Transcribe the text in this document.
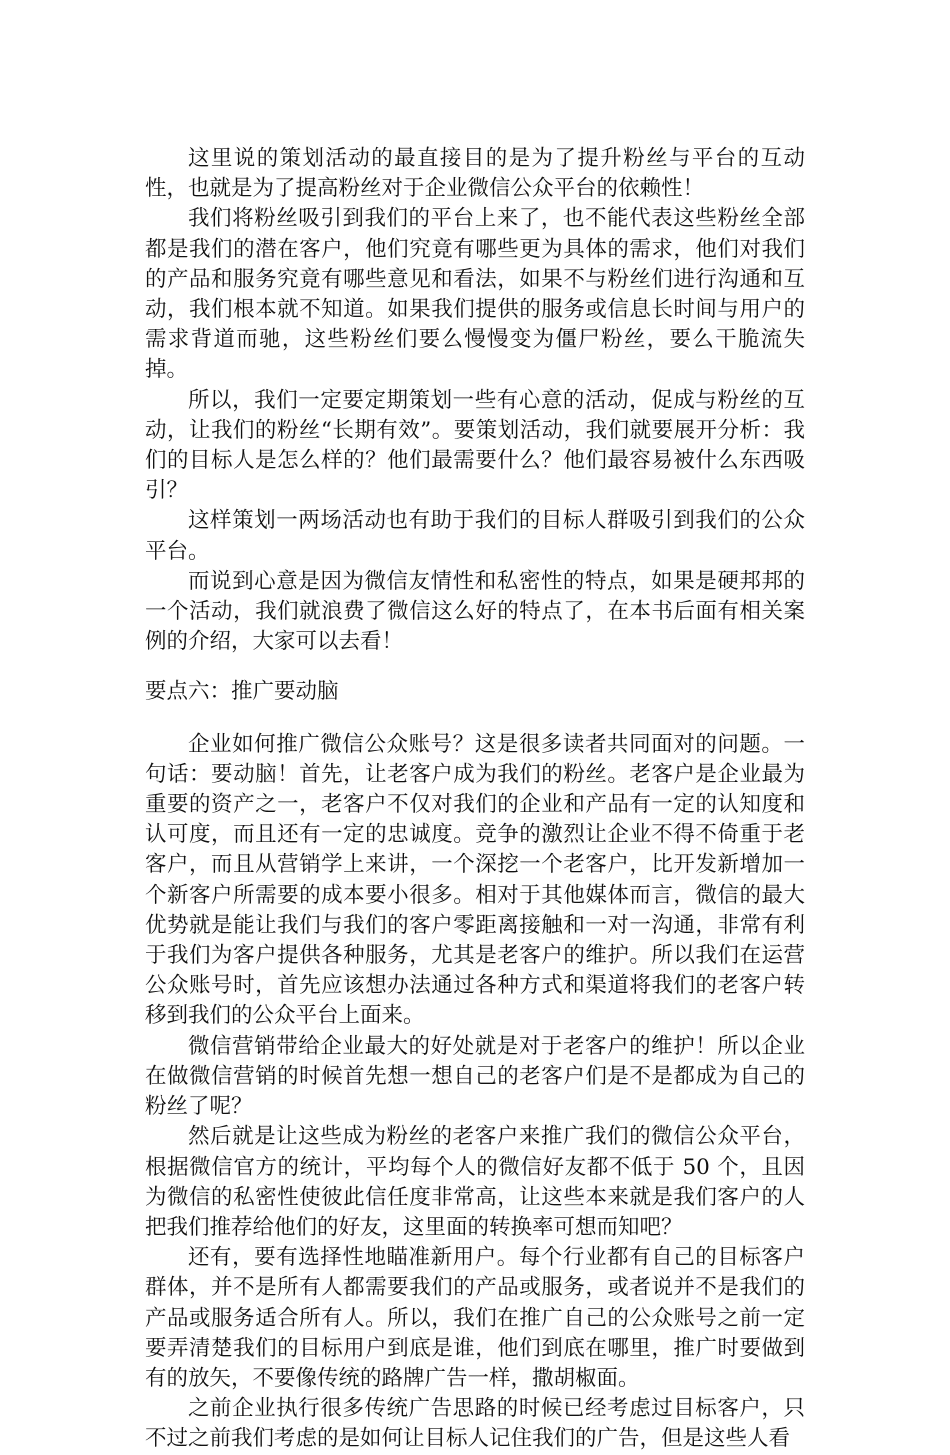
这里说的策划活动的最直接目的是为了提升粉丝与平台的互动性，也就是为了提高粉丝对于企业微信公众平台的依赖性！

我们将粉丝吸引到我们的平台上来了，也不能代表这些粉丝全部都是我们的潜在客户，他们究竟有哪些更为具体的需求，他们对我们的产品和服务究竟有哪些意见和看法，如果不与粉丝们进行沟通和互动，我们根本就不知道。如果我们提供的服务或信息长时间与用户的需求背道而驰，这些粉丝们要么慢慢变为僵尸粉丝，要么干脆流失掉。

所以，我们一定要定期策划一些有心意的活动，促成与粉丝的互动，让我们的粉丝“长期有效”。要策划活动，我们就要展开分析：我们的目标人是怎么样的？他们最需要什么？他们最容易被什么东西吸引？

这样策划一两场活动也有助于我们的目标人群吸引到我们的公众平台。

而说到心意是因为微信友情性和私密性的特点，如果是硬邦邦的一个活动，我们就浪费了微信这么好的特点了，在本书后面有相关案例的介绍，大家可以去看！

要点六：推广要动脑

企业如何推广微信公众账号？这是很多读者共同面对的问题。一句话：要动脑！首先，让老客户成为我们的粉丝。老客户是企业最为重要的资产之一，老客户不仅对我们的企业和产品有一定的认知度和认可度，而且还有一定的忠诚度。竞争的激烈让企业不得不倚重于老客户，而且从营销学上来讲，一个深挖一个老客户，比开发新增加一个新客户所需要的成本要小很多。相对于其他媒体而言，微信的最大优势就是能让我们与我们的客户零距离接触和一对一沟通，非常有利于我们为客户提供各种服务，尤其是老客户的维护。所以我们在运营公众账号时，首先应该想办法通过各种方式和渠道将我们的老客户转移到我们的公众平台上面来。

微信营销带给企业最大的好处就是对于老客户的维护！所以企业在做微信营销的时候首先想一想自己的老客户们是不是都成为自己的粉丝了呢？

然后就是让这些成为粉丝的老客户来推广我们的微信公众平台，根据微信官方的统计，平均每个人的微信好友都不低于 50 个，且因为微信的私密性使彼此信任度非常高，让这些本来就是我们客户的人把我们推荐给他们的好友，这里面的转换率可想而知吧？

还有，要有选择性地瞄准新用户。每个行业都有自己的目标客户群体，并不是所有人都需要我们的产品或服务，或者说并不是我们的产品或服务适合所有人。所以，我们在推广自己的公众账号之前一定要弄清楚我们的目标用户到底是谁，他们到底在哪里，推广时要做到有的放矢，不要像传统的路牌广告一样，撒胡椒面。

之前企业执行很多传统广告思路的时候已经考虑过目标客户，只不过之前我们考虑的是如何让目标人记住我们的广告，但是这些人看
